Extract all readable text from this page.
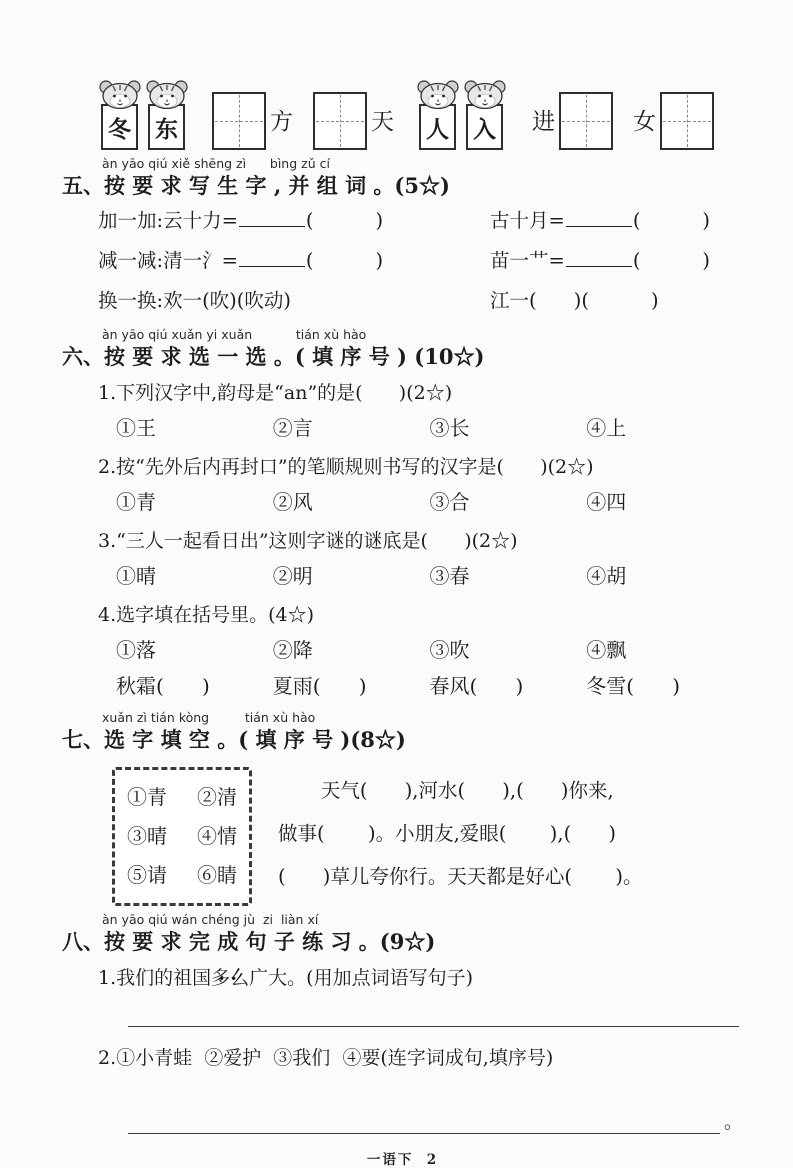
冬	东	方	天	人	入	进	女
àn yāo qiú xiě shēng zì      bìng zǔ cí
五、按 要 求 写 生 字 , 并 组 词 。(5☆)
加一加:云十力=	(          )	古十月=	(          )
减一减:清一氵=	(          )	苗一艹=	(          )
换一换:欢一(吹)(吹动)	江一(      )(          )
àn yāo qiú xuǎn yi xuǎn           tián xù hào
六、按 要 求 选 一 选 。( 填 序 号 ) (10☆)
1.下列汉字中,韵母是“an”的是(      )(2☆)
①王	②言	③长	④上
2.按“先外后内再封口”的笔顺规则书写的汉字是(      )(2☆)
①青	②风	③合	④四
3.“三人一起看日出”这则字谜的谜底是(      )(2☆)
①晴	②明	③春	④胡
4.选字填在括号里。(4☆)
①落	②降	③吹	④飘
秋霜(      )	夏雨(      )	春风(      )	冬雪(      )
xuǎn zì tián kòng         tián xù hào
七、选 字 填 空 。( 填 序 号 )(8☆)
①青 ②清
③晴 ④情
⑤请 ⑥睛
天气(      ),河水(      ),(      )你来,
做事(       )。小朋友,爱眼(       ),(      )
(      )草儿夸你行。天天都是好心(       )。
àn yāo qiú wán chéng jù  zi  liàn xí
八、按 要 求 完 成 句 子 练 习 。(9☆)
1.我们的祖国多么 ••广大。(用加点词语写句子)
2.①小青蛙  ②爱护  ③我们  ④要(连字词成句,填序号)
。
一语下  2
